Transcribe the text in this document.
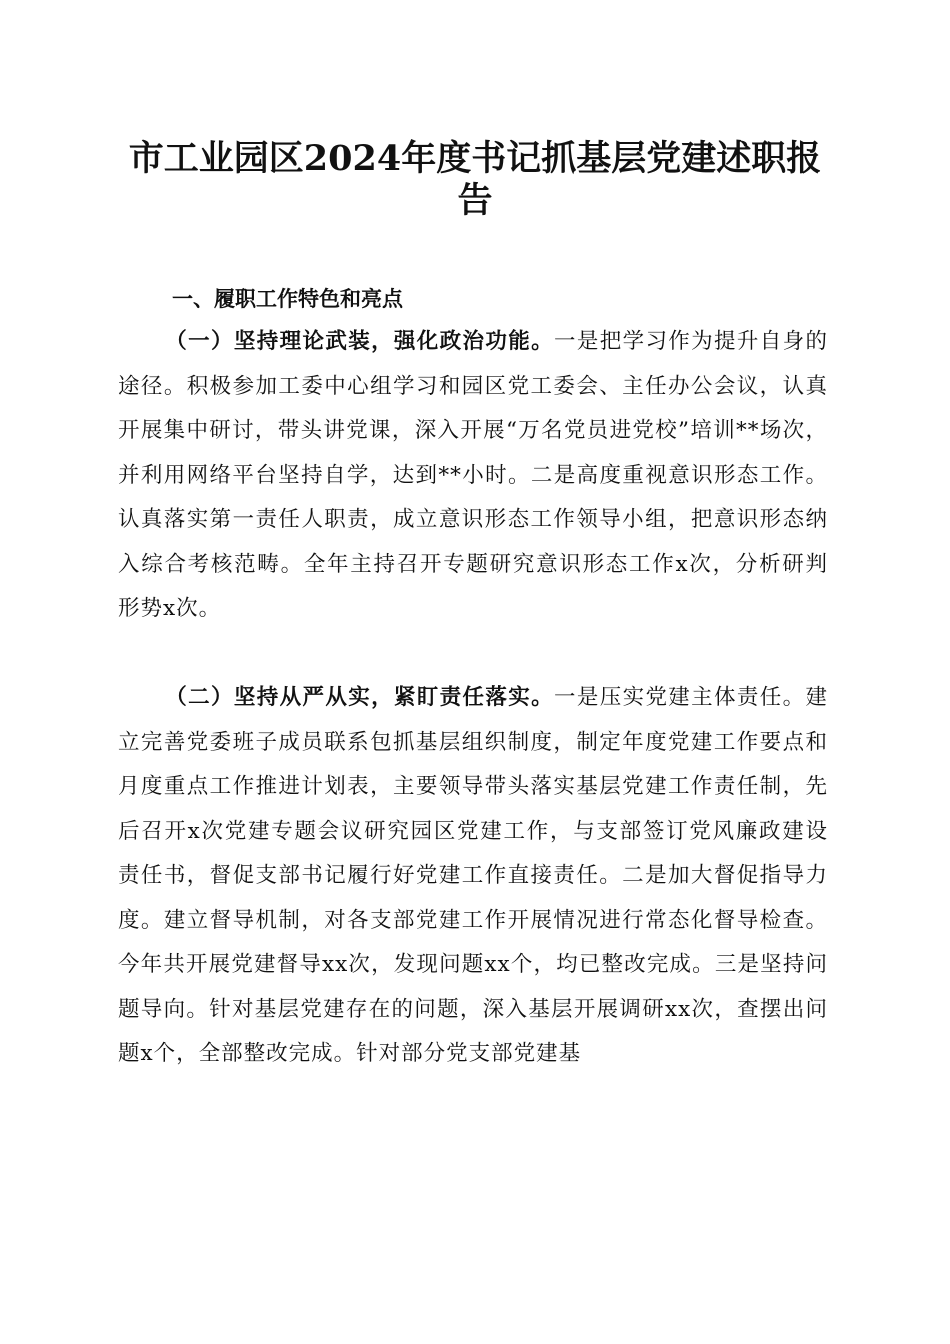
市工业园区2024年度书记抓基层党建述职报告
一、履职工作特色和亮点

（一）坚持理论武装，强化政治功能。一是把学习作为提升自身的途径。积极参加工委中心组学习和园区党工委会、主任办公会议，认真开展集中研讨，带头讲党课，深入开展“万名党员进党校”培训**场次，并利用网络平台坚持自学，达到**小时。二是高度重视意识形态工作。认真落实第一责任人职责，成立意识形态工作领导小组，把意识形态纳入综合考核范畴。全年主持召开专题研究意识形态工作x次，分析研判形势x次。

（二）坚持从严从实，紧盯责任落实。一是压实党建主体责任。建立完善党委班子成员联系包抓基层组织制度，制定年度党建工作要点和月度重点工作推进计划表，主要领导带头落实基层党建工作责任制，先后召开x次党建专题会议研究园区党建工作，与支部签订党风廉政建设责任书，督促支部书记履行好党建工作直接责任。二是加大督促指导力度。建立督导机制，对各支部党建工作开展情况进行常态化督导检查。今年共开展党建督导xx次，发现问题xx个，均已整改完成。三是坚持问题导向。针对基层党建存在的问题，深入基层开展调研xx次，查摆出问题x个，全部整改完成。针对部分党支部党建基
